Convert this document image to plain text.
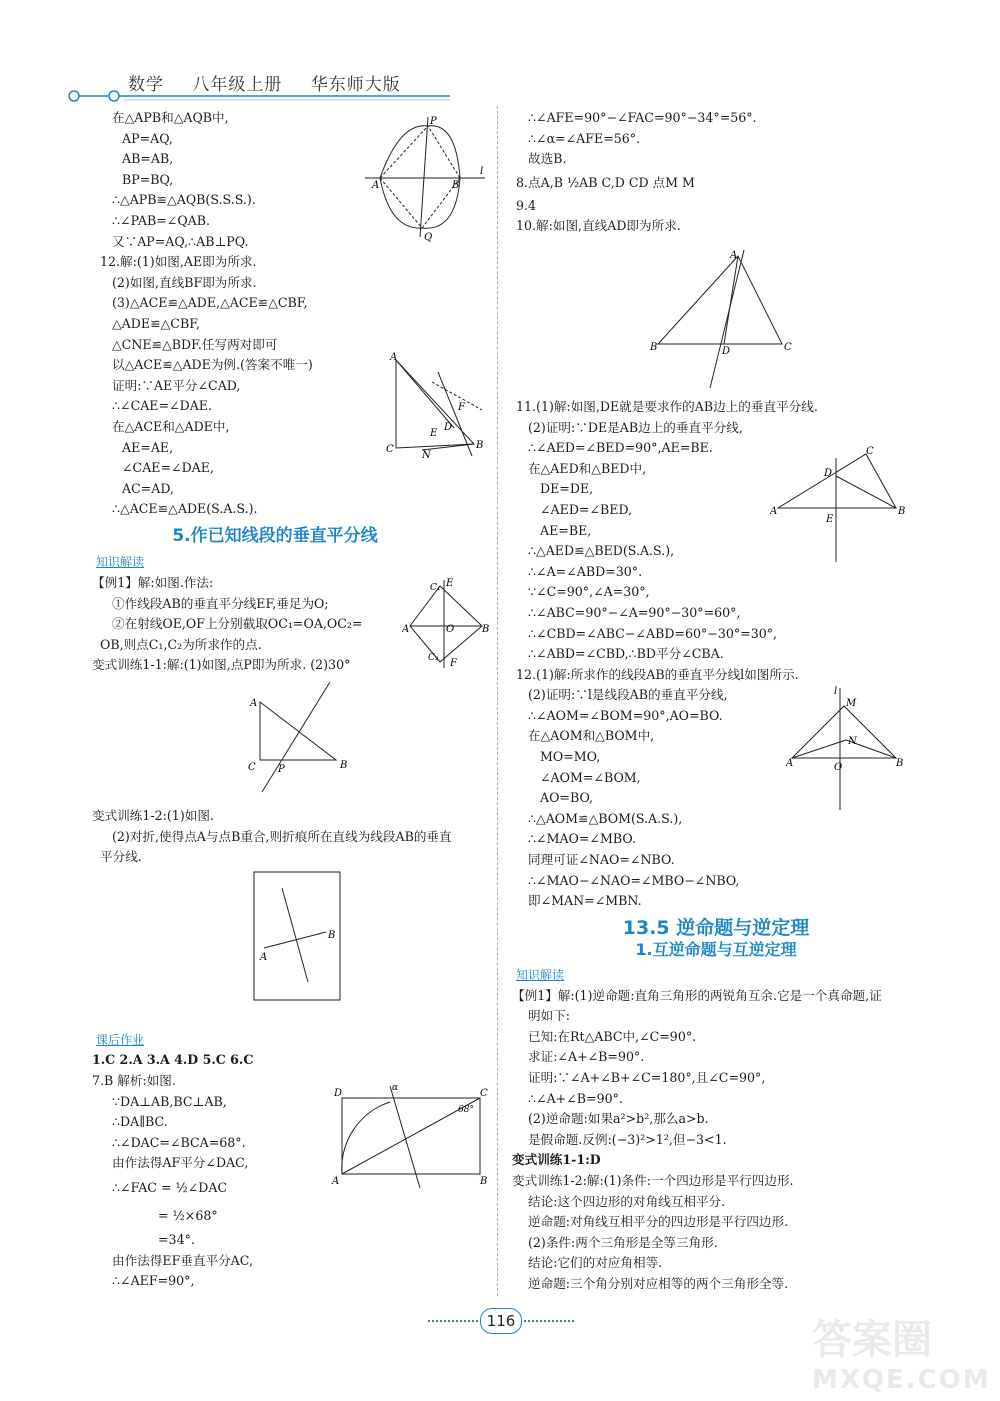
数学 八年级上册 华东师大版
在△APB和△AQB中,
AP=AQ,
AB=AB,
BP=BQ,
∴△APB≌△AQB(S.S.S.).
∴∠PAB=∠QAB.
又∵AP=AQ,∴AB⊥PQ.
12.解:(1)如图,AE即为所求.
(2)如图,直线BF即为所求.
(3)△ACE≌△ADE,△ACE≌△CBF,
△ADE≌△CBF,
△CNE≌△BDF.任写两对即可
以△ACE≌△ADE为例.(答案不唯一)
证明:∵AE平分∠CAD,
∴∠CAE=∠DAE.
在△ACE和△ADE中,
AE=AE,
∠CAE=∠DAE,
AC=AD,
∴△ACE≌△ADE(S.A.S.).
5.作已知线段的垂直平分线
知识解读
【例1】解:如图.作法:
①作线段AB的垂直平分线EF,垂足为O;
②在射线OE,OF上分别截取OC₁=OA,OC₂=
OB,则点C₁,C₂为所求作的点.
变式训练1-1:解:(1)如图,点P即为所求. (2)30°
变式训练1-2:(1)如图.
(2)对折,使得点A与点B重合,则折痕所在直线为线段AB的垂直
平分线.
课后作业
1.C 2.A 3.A 4.D 5.C 6.C
7.B 解析:如图.
∵DA⊥AB,BC⊥AB,
∴DA∥BC.
∴∠DAC=∠BCA=68°.
由作法得AF平分∠DAC,
∴∠FAC = ½∠DAC
= ½×68°
=34°.
由作法得EF垂直平分AC,
∴∠AEF=90°,
∴∠AFE=90°−∠FAC=90°−34°=56°.
∴∠α=∠AFE=56°.
故选B.
8.点A,B ½AB C,D CD 点M M
9.4
10.解:如图,直线AD即为所求.
11.(1)解:如图,DE就是要求作的AB边上的垂直平分线.
(2)证明:∵DE是AB边上的垂直平分线,
∴∠AED=∠BED=90°,AE=BE.
在△AED和△BED中,
DE=DE,
∠AED=∠BED,
AE=BE,
∴△AED≌△BED(S.A.S.),
∴∠A=∠ABD=30°.
∵∠C=90°,∠A=30°,
∴∠ABC=90°−∠A=90°−30°=60°,
∴∠CBD=∠ABC−∠ABD=60°−30°=30°,
∴∠ABD=∠CBD,∴BD平分∠CBA.
12.(1)解:所求作的线段AB的垂直平分线l如图所示.
(2)证明:∵l是线段AB的垂直平分线,
∴∠AOM=∠BOM=90°,AO=BO.
在△AOM和△BOM中,
MO=MO,
∠AOM=∠BOM,
AO=BO,
∴△AOM≌△BOM(S.A.S.),
∴∠MAO=∠MBO.
同理可证∠NAO=∠NBO.
∴∠MAO−∠NAO=∠MBO−∠NBO,
即∠MAN=∠MBN.
13.5 逆命题与逆定理
1.互逆命题与互逆定理
知识解读
【例1】解:(1)逆命题:直角三角形的两锐角互余.它是一个真命题,证
明如下:
已知:在Rt△ABC中,∠C=90°.
求证:∠A+∠B=90°.
证明:∵∠A+∠B+∠C=180°,且∠C=90°,
∴∠A+∠B=90°.
(2)逆命题:如果a²>b²,那么a>b.
是假命题.反例:(−3)²>1²,但−3<1.
变式训练1-1:D
变式训练1-2:解:(1)条件:一个四边形是平行四边形.
结论:这个四边形的对角线互相平分.
逆命题:对角线互相平分的四边形是平行四边形.
(2)条件:两个三角形是全等三角形.
结论:它们的对应角相等.
逆命题:三个角分别对应相等的两个三角形全等.
P
A	B
Q
l
A
C	B
N
E
D
F
E
C₁
A	B
O
C₂ F
A
C P	B
A
B
D	C
A	B
68°
α
A
B	C
D
C
A	B
D
E
l
M
N
A	B
O
116	答案圈
MXQE.COM
